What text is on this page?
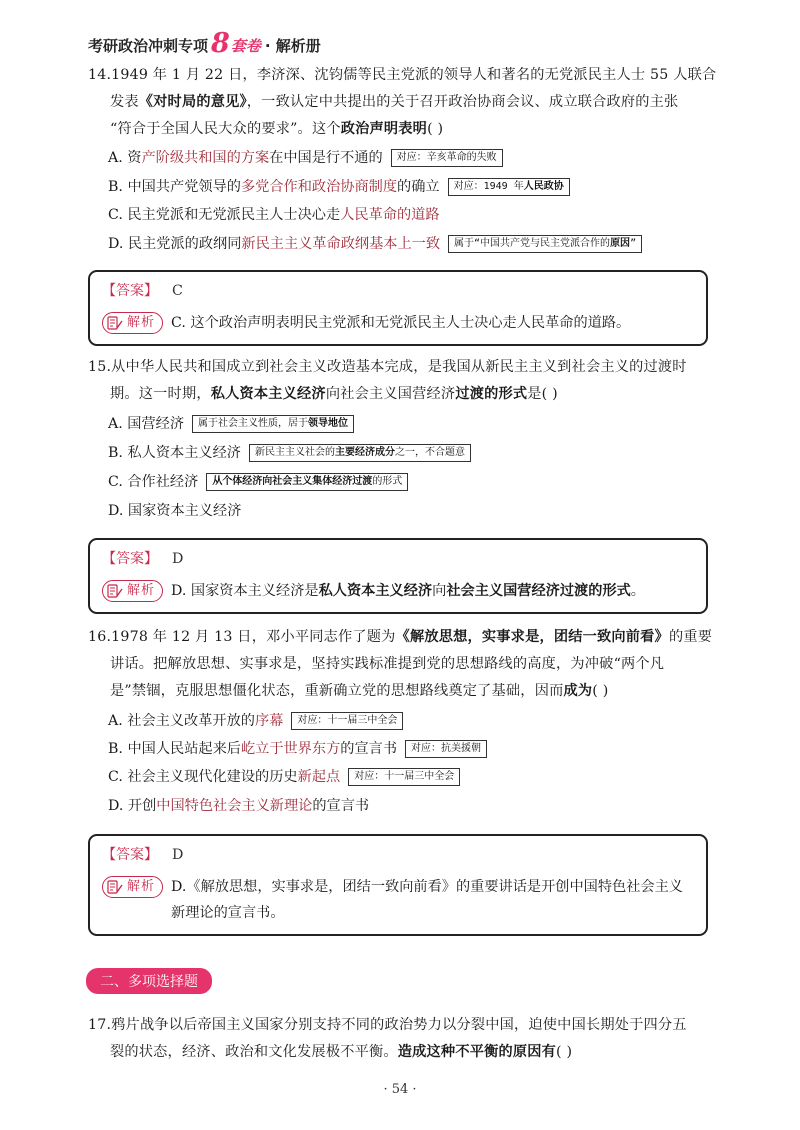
考研政治冲刺专项 8 套卷 · 解析册
14.1949 年 1 月 22 日，李济深、沈钧儒等民主党派的领导人和著名的无党派民主人士 55 人联合
发表《对时局的意见》，一致认定中共提出的关于召开政治协商会议、成立联合政府的主张
“符合于全国人民大众的要求”。这个政治声明表明( )
A. 资 产阶级共和国的方案 在中国是行不通的	对应：辛亥革命的失败
B. 中国共产党领导的 多党合作和政治协商制度 的确立	对应：1949 年人民政协
C. 民主党派和无党派民主人士决心走 人民革命的道路
D. 民主党派的政纲同 新民主主义革命政纲基本上一致	属于“中国共产党与民主党派合作的原因”
【答案】 C
解析 C. 这个政治声明表明民主党派和无党派民主人士决心走人民革命的道路。
15.从中华人民共和国成立到社会主义改造基本完成，是我国从新民主主义到社会主义的过渡时
期。这一时期，私人资本主义经济向社会主义国营经济过渡的形式是( )
A. 国营经济	属于社会主义性质，居于领导地位
B. 私人资本主义经济	新民主主义社会的主要经济成分之一，不合题意
C. 合作社经济	从个体经济向社会主义集体经济过渡的形式
D. 国家资本主义经济
【答案】 D
解析 D. 国家资本主义经济是私人资本主义经济向社会主义国营经济过渡的形式。
16.1978 年 12 月 13 日，邓小平同志作了题为《解放思想，实事求是，团结一致向前看》的重要
讲话。把解放思想、实事求是，坚持实践标准提到党的思想路线的高度，为冲破“两个凡
是”禁锢，克服思想僵化状态，重新确立党的思想路线奠定了基础，因而成为( )
A. 社会主义改革开放的 序幕	对应：十一届三中全会
B. 中国人民站起来后 屹立于世界东方 的宣言书	对应：抗美援朝
C. 社会主义现代化建设的历史 新起点	对应：十一届三中全会
D. 开创 中国特色社会主义新理论 的宣言书
【答案】 D
解析 D.《解放思想，实事求是，团结一致向前看》的重要讲话是开创中国特色社会主义新理论的宣言书。
二、多项选择题
17.鸦片战争以后帝国主义国家分别支持不同的政治势力以分裂中国，迫使中国长期处于四分五
裂的状态，经济、政治和文化发展极不平衡。造成这种不平衡的原因有( )
· 54 ·
